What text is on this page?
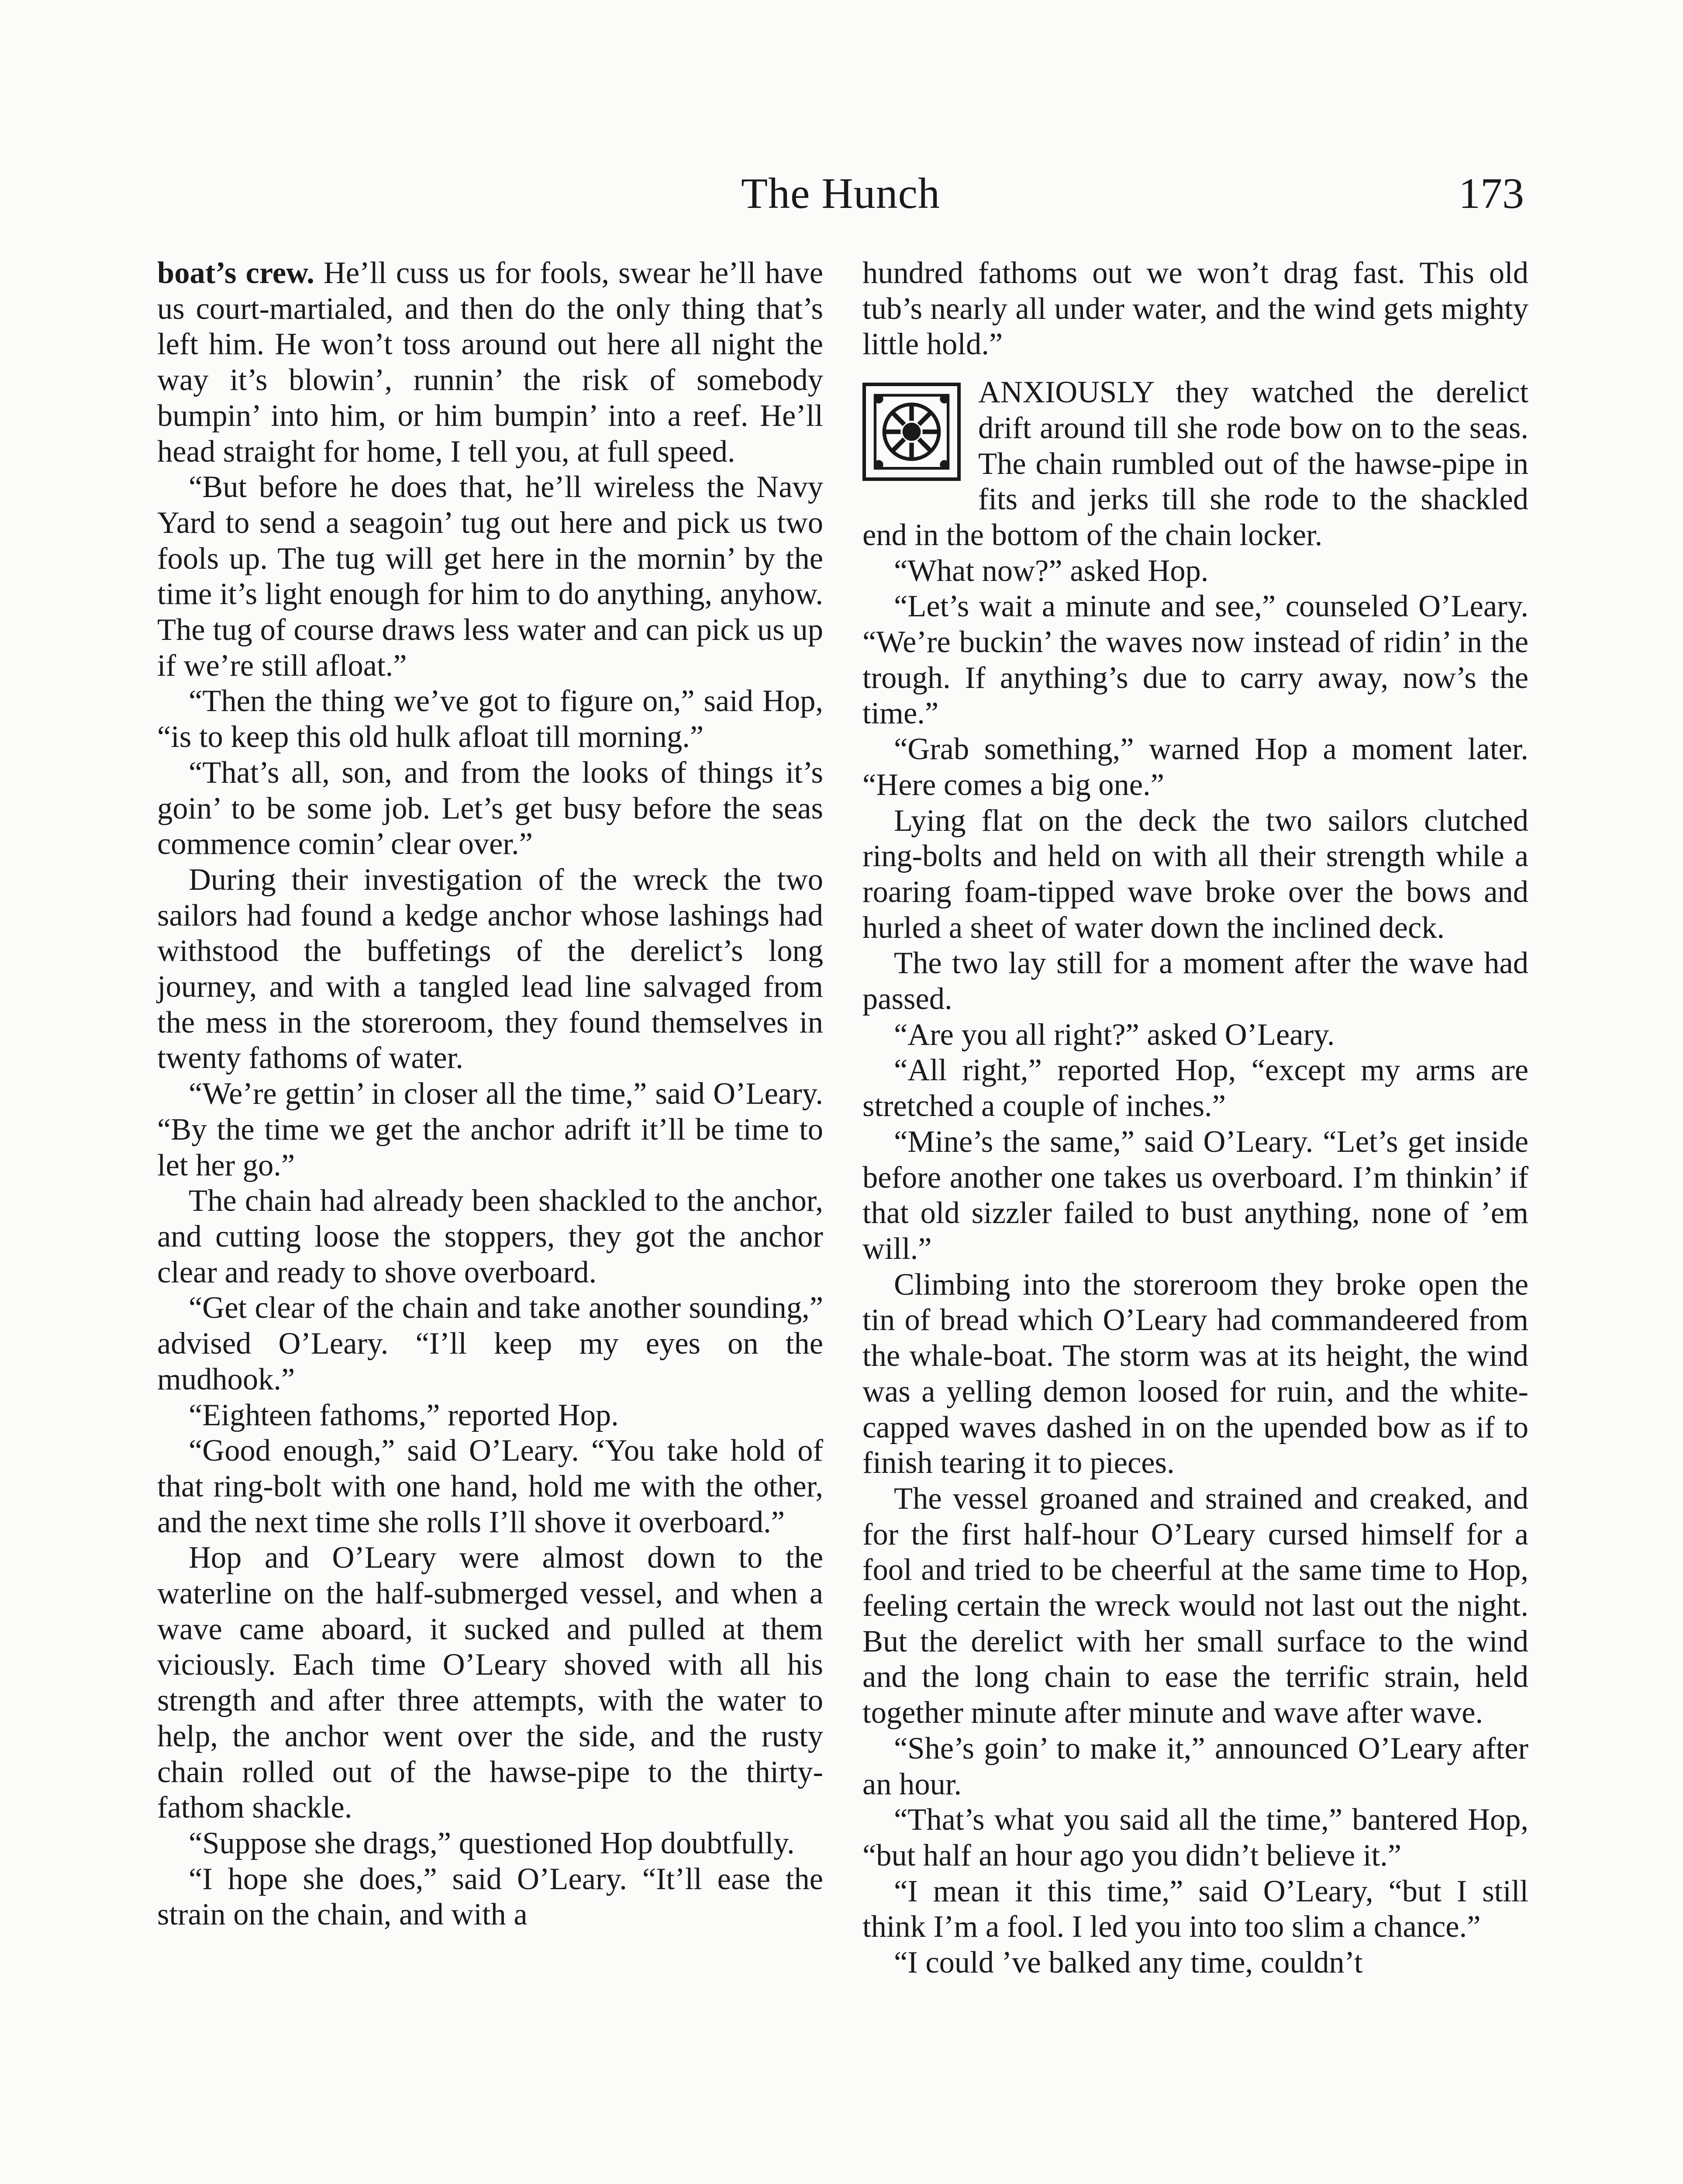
The Hunch	173

boat’s crew. He’ll cuss us for fools, swear he’ll have us court-martialed, and then do the only thing that’s left him. He won’t toss around out here all night the way it’s blowin’, runnin’ the risk of somebody bumpin’ into him, or him bumpin’ into a reef. He’ll head straight for home, I tell you, at full speed.

“But before he does that, he’ll wireless the Navy Yard to send a seagoin’ tug out here and pick us two fools up. The tug will get here in the mornin’ by the time it’s light enough for him to do anything, anyhow. The tug of course draws less water and can pick us up if we’re still afloat.”

“Then the thing we’ve got to figure on,” said Hop, “is to keep this old hulk afloat till morning.”

“That’s all, son, and from the looks of things it’s goin’ to be some job. Let’s get busy before the seas commence comin’ clear over.”

During their investigation of the wreck the two sailors had found a kedge anchor whose lashings had withstood the buffetings of the derelict’s long journey, and with a tangled lead line salvaged from the mess in the storeroom, they found themselves in twenty fathoms of water.

“We’re gettin’ in closer all the time,” said O’Leary. “By the time we get the anchor adrift it’ll be time to let her go.”

The chain had already been shackled to the anchor, and cutting loose the stoppers, they got the anchor clear and ready to shove overboard.

“Get clear of the chain and take another sounding,” advised O’Leary. “I’ll keep my eyes on the mudhook.”

“Eighteen fathoms,” reported Hop.

“Good enough,” said O’Leary. “You take hold of that ring-bolt with one hand, hold me with the other, and the next time she rolls I’ll shove it overboard.”

Hop and O’Leary were almost down to the waterline on the half-submerged vessel, and when a wave came aboard, it sucked and pulled at them viciously. Each time O’Leary shoved with all his strength and after three attempts, with the water to help, the anchor went over the side, and the rusty chain rolled out of the hawse-pipe to the thirty-fathom shackle.

“Suppose she drags,” questioned Hop doubtfully.

“I hope she does,” said O’Leary. “It’ll ease the strain on the chain, and with a

hundred fathoms out we won’t drag fast. This old tub’s nearly all under water, and the wind gets mighty little hold.”

ANXIOUSLY they watched the derelict drift around till she rode bow on to the seas. The chain rumbled out of the hawse-pipe in fits and jerks till she rode to the shackled end in the bottom of the chain locker.

“What now?” asked Hop.

“Let’s wait a minute and see,” counseled O’Leary. “We’re buckin’ the waves now instead of ridin’ in the trough. If anything’s due to carry away, now’s the time.”

“Grab something,” warned Hop a moment later. “Here comes a big one.”

Lying flat on the deck the two sailors clutched ring-bolts and held on with all their strength while a roaring foam-tipped wave broke over the bows and hurled a sheet of water down the inclined deck.

The two lay still for a moment after the wave had passed.

“Are you all right?” asked O’Leary.

“All right,” reported Hop, “except my arms are stretched a couple of inches.”

“Mine’s the same,” said O’Leary. “Let’s get inside before another one takes us overboard. I’m thinkin’ if that old sizzler failed to bust anything, none of ’em will.”

Climbing into the storeroom they broke open the tin of bread which O’Leary had commandeered from the whale-boat. The storm was at its height, the wind was a yelling demon loosed for ruin, and the white-capped waves dashed in on the upended bow as if to finish tearing it to pieces.

The vessel groaned and strained and creaked, and for the first half-hour O’Leary cursed himself for a fool and tried to be cheerful at the same time to Hop, feeling certain the wreck would not last out the night. But the derelict with her small surface to the wind and the long chain to ease the terrific strain, held together minute after minute and wave after wave.

“She’s goin’ to make it,” announced O’Leary after an hour.

“That’s what you said all the time,” bantered Hop, “but half an hour ago you didn’t believe it.”

“I mean it this time,” said O’Leary, “but I still think I’m a fool. I led you into too slim a chance.”

“I could ’ve balked any time, couldn’t
